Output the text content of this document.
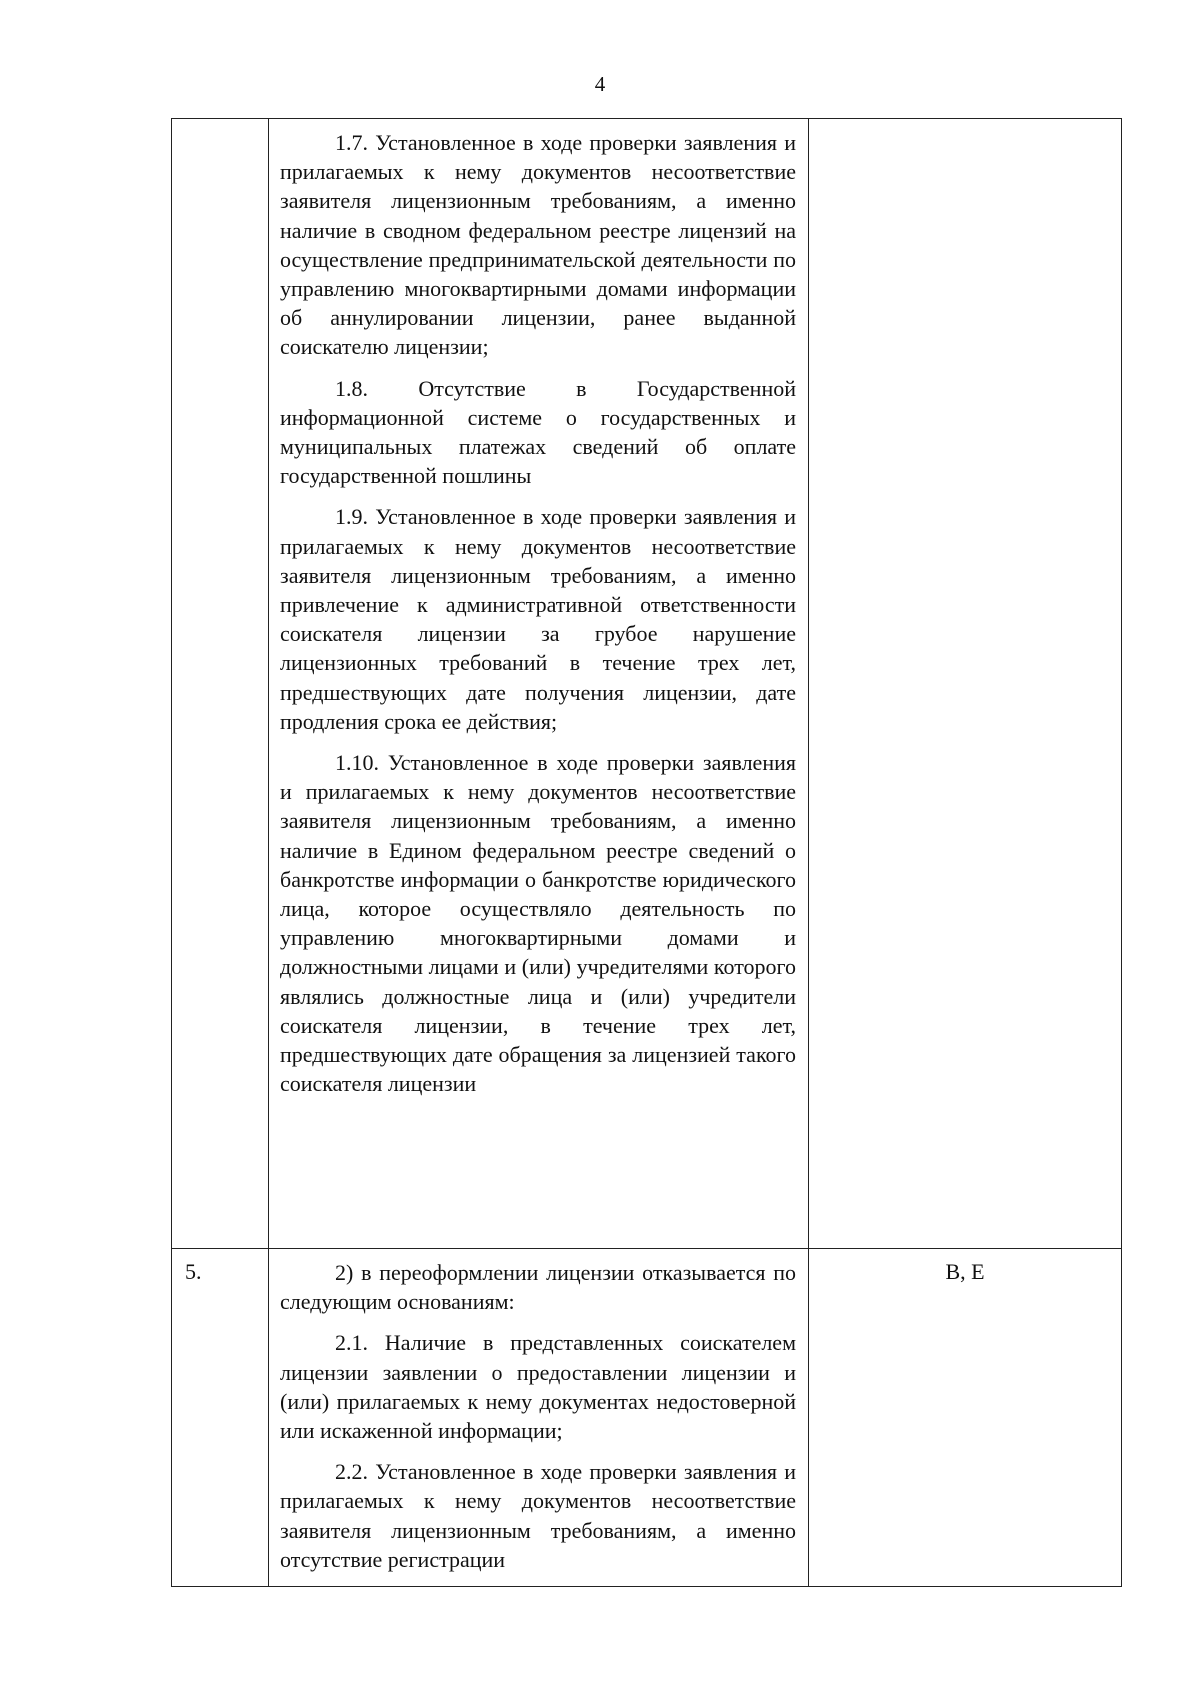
4

	1.7. Установленное в ходе проверки заявления и прилагаемых к нему документов несоответствие заявителя лицензионным требованиям, а именно наличие в сводном федеральном реестре лицензий на осуществление предпринимательской деятельности по управлению многоквартирными домами информации об аннулировании лицензии, ранее выданной соискателю лицензии;

1.8. Отсутствие в Государственной информационной системе о государственных и муниципальных платежах сведений об оплате государственной пошлины

1.9. Установленное в ходе проверки заявления и прилагаемых к нему документов несоответствие заявителя лицензионным требованиям, а именно привлечение к административной ответственности соискателя лицензии за грубое нарушение лицензионных требований в течение трех лет, предшествующих дате получения лицензии, дате продления срока ее действия;

1.10. Установленное в ходе проверки заявления и прилагаемых к нему документов несоответствие заявителя лицензионным требованиям, а именно наличие в Едином федеральном реестре сведений о банкротстве информации о банкротстве юридического лица, которое осуществляло деятельность по управлению многоквартирными домами и должностными лицами и (или) учредителями которого являлись должностные лица и (или) учредители соискателя лицензии, в течение трех лет, предшествующих дате обращения за лицензией такого соискателя лицензии	

5.	2) в переоформлении лицензии отказывается по следующим основаниям:

2.1. Наличие в представленных соискателем лицензии заявлении о предоставлении лицензии и (или) прилагаемых к нему документах недостоверной или искаженной информации;

2.2. Установленное в ходе проверки заявления и прилагаемых к нему документов несоответствие заявителя лицензионным требованиям, а именно отсутствие регистрации	В, Е
